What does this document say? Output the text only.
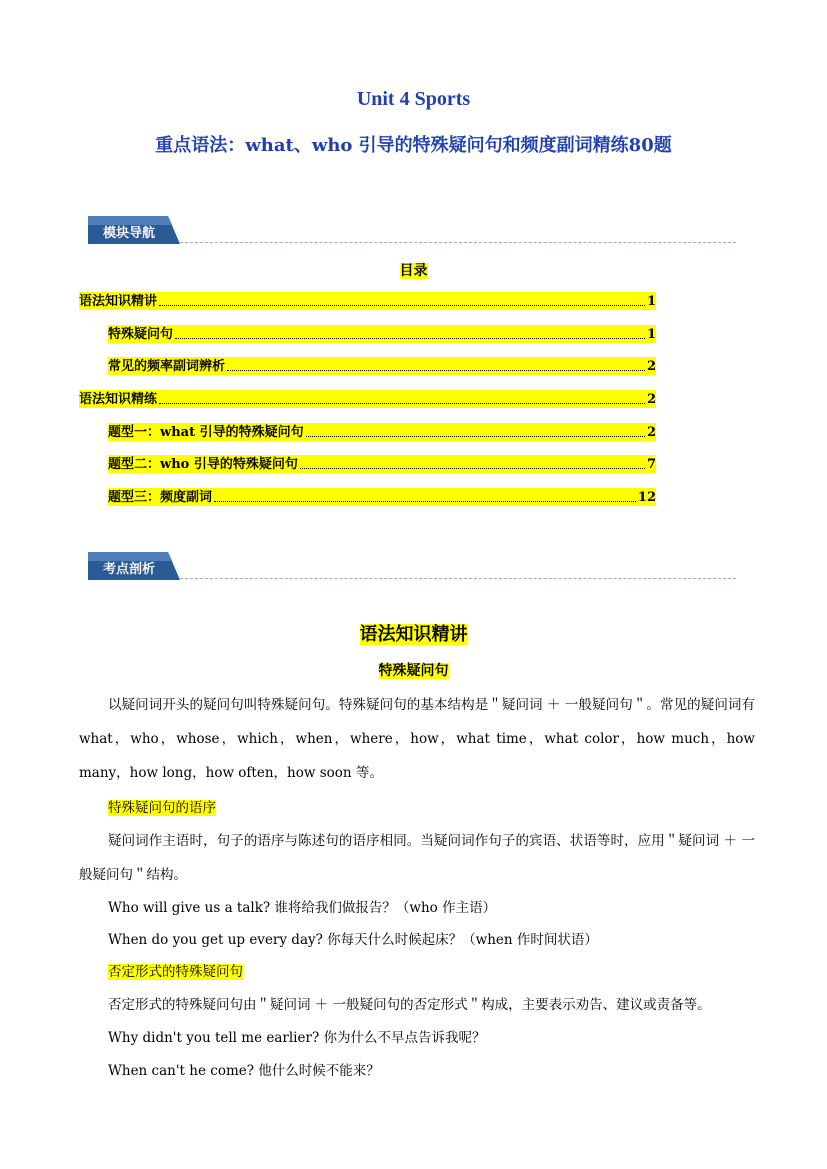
Unit 4 Sports
重点语法：what、who 引导的特殊疑问句和频度副词精练80题
模块导航
目录
语法知识精讲	1
特殊疑问句	1
常见的频率副词辨析	2
语法知识精练	2
题型一：what 引导的特殊疑问句	2
题型二：who 引导的特殊疑问句	7
题型三：频度副词	12
考点剖析
语法知识精讲
特殊疑问句
以疑问词开头的疑问句叫特殊疑问句。特殊疑问句的基本结构是＂疑问词 ＋ 一般疑问句＂。常见的疑问词有 what，who，whose，which，when，where，how，what time，what color，how much，how many，how long，how often，how soon 等。
特殊疑问句的语序
疑问词作主语时，句子的语序与陈述句的语序相同。当疑问词作句子的宾语、状语等时，应用＂疑问词 ＋ 一般疑问句＂结构。
Who will give us a talk? 谁将给我们做报告？（who 作主语）
When do you get up every day? 你每天什么时候起床？（when 作时间状语）
否定形式的特殊疑问句
否定形式的特殊疑问句由＂疑问词 ＋ 一般疑问句的否定形式＂构成，主要表示劝告、建议或责备等。
Why didn't you tell me earlier? 你为什么不早点告诉我呢？
When can't he come? 他什么时候不能来？
